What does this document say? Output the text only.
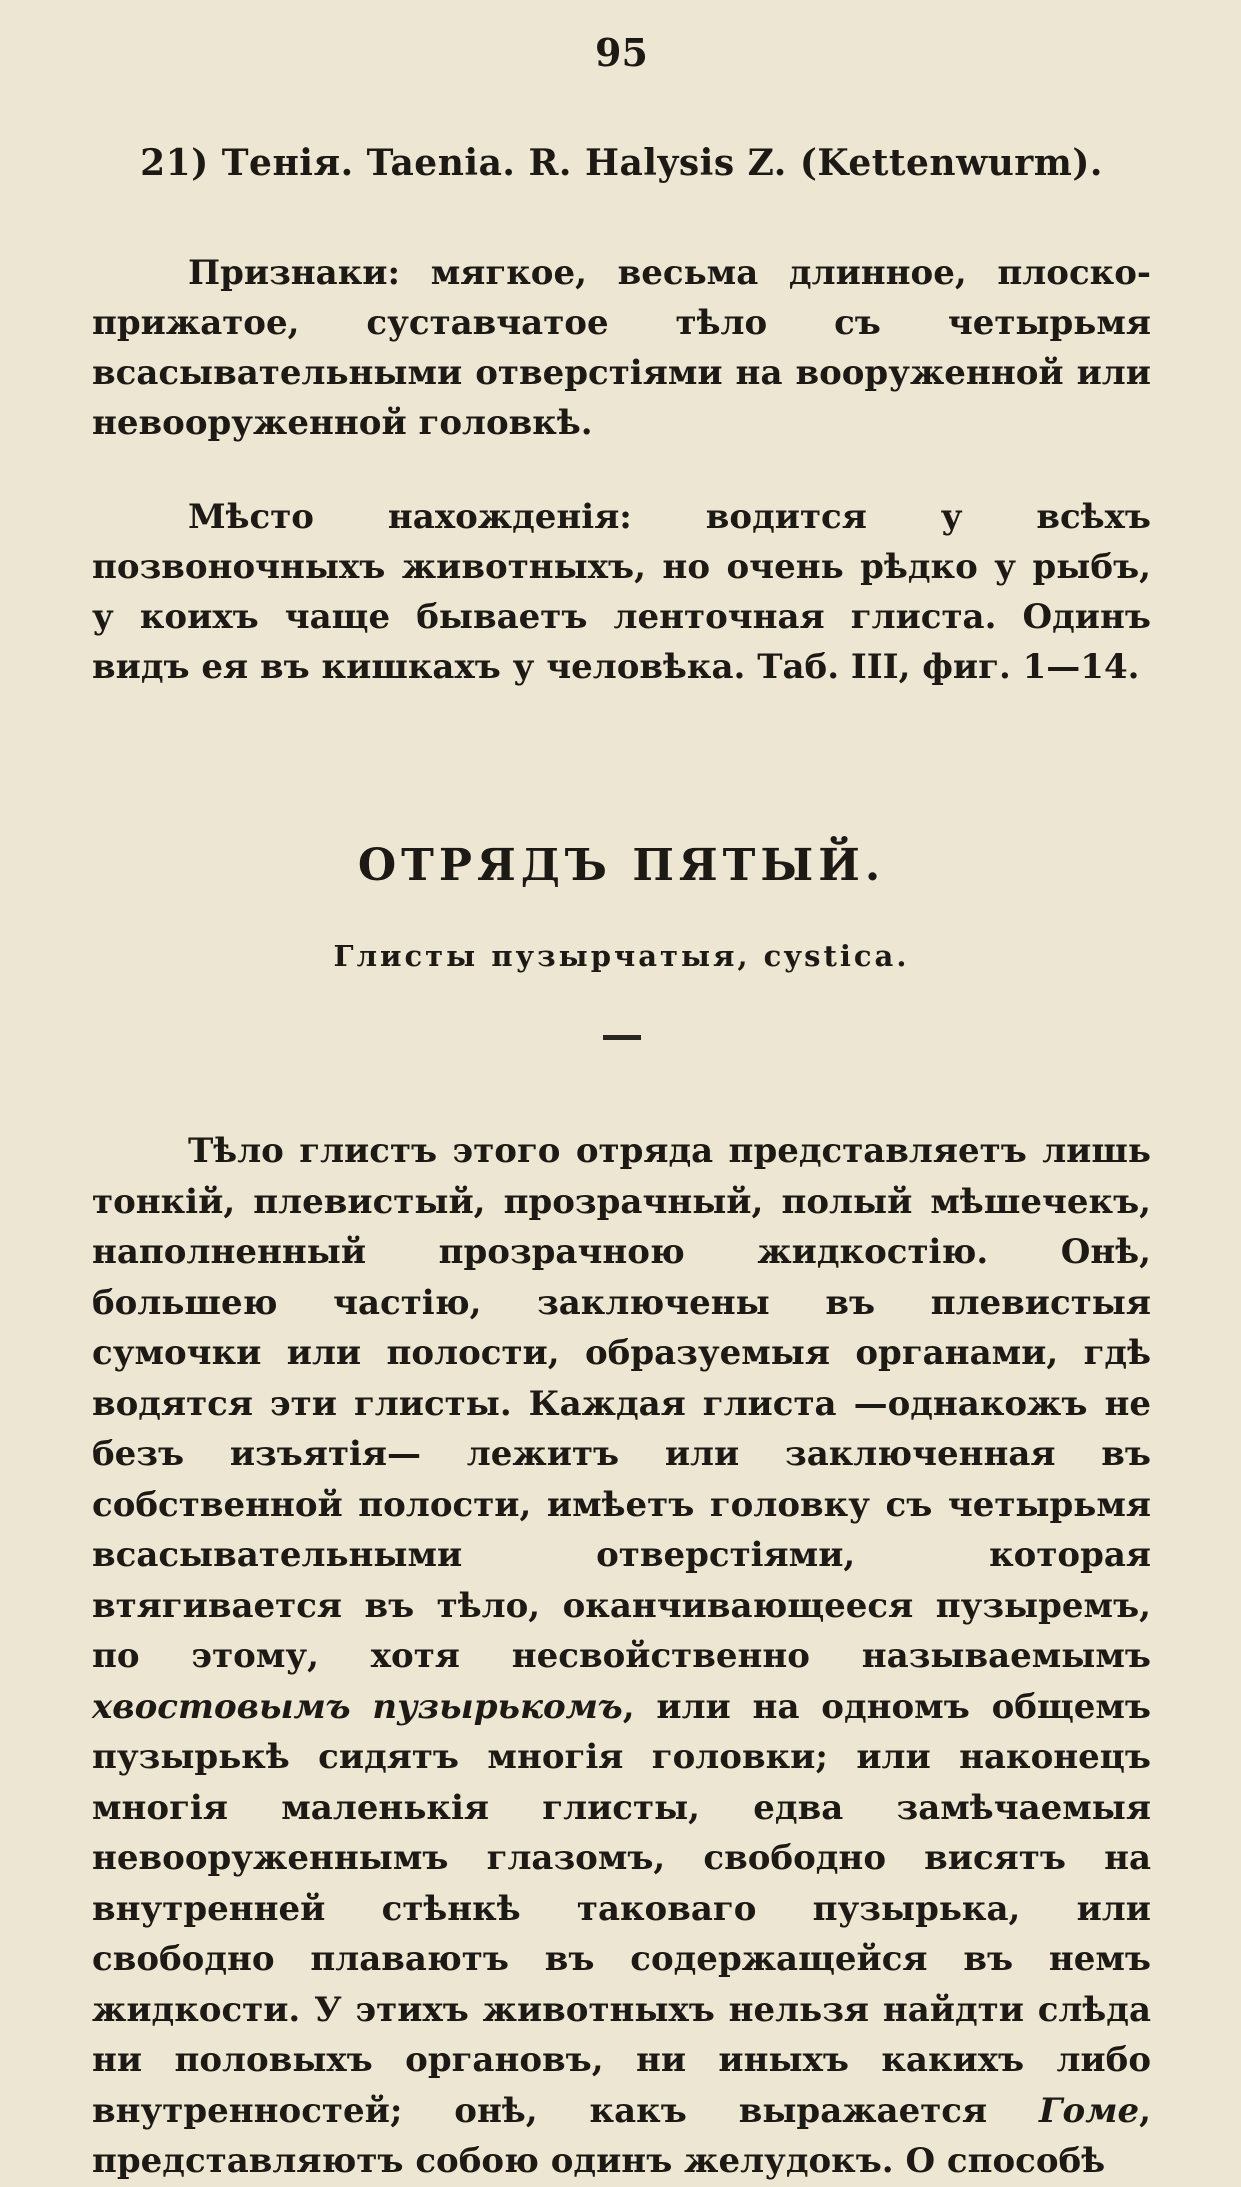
95
21) Тенія. Taenia. R. Halysis Z. (Kettenwurm).

Признаки: мягкое, весьма длинное, плоско-прижатое, суставчатое тѣло съ четырьмя всасывательными отверстіями на вооруженной или невооруженной головкѣ.

Мѣсто нахожденія: водится у всѣхъ позвоночныхъ животныхъ, но очень рѣдко у рыбъ, у коихъ чаще бываетъ ленточная глиста. Одинъ видъ ея въ кишкахъ у человѣка. Таб. III, фиг. 1—14.

ОТРЯДЪ ПЯТЫЙ.
Глисты пузырчатыя, cystica.

Тѣло глистъ этого отряда представляетъ лишь тонкій, плевистый, прозрачный, полый мѣшечекъ, наполненный прозрачною жидкостію. Онѣ, большею частію, заключены въ плевистыя сумочки или полости, образуемыя органами, гдѣ водятся эти глисты. Каждая глиста —однакожъ не безъ изъятія— лежитъ или заключенная въ собственной полости, имѣетъ головку съ четырьмя всасывательными отверстіями, которая втягивается въ тѣло, оканчивающееся пузыремъ, по этому, хотя несвойственно называемымъ хвостовымъ пузырькомъ, или на одномъ общемъ пузырькѣ сидятъ многія головки; или наконецъ многія маленькія глисты, едва замѣчаемыя невооруженнымъ глазомъ, свободно висятъ на внутренней стѣнкѣ таковаго пузырька, или свободно плаваютъ въ содержащейся въ немъ жидкости. У этихъ животныхъ нельзя найдти слѣда ни половыхъ органовъ, ни иныхъ какихъ либо внутренностей; онѣ, какъ выражается Гоме, представляютъ собою одинъ желудокъ. О способѣ
